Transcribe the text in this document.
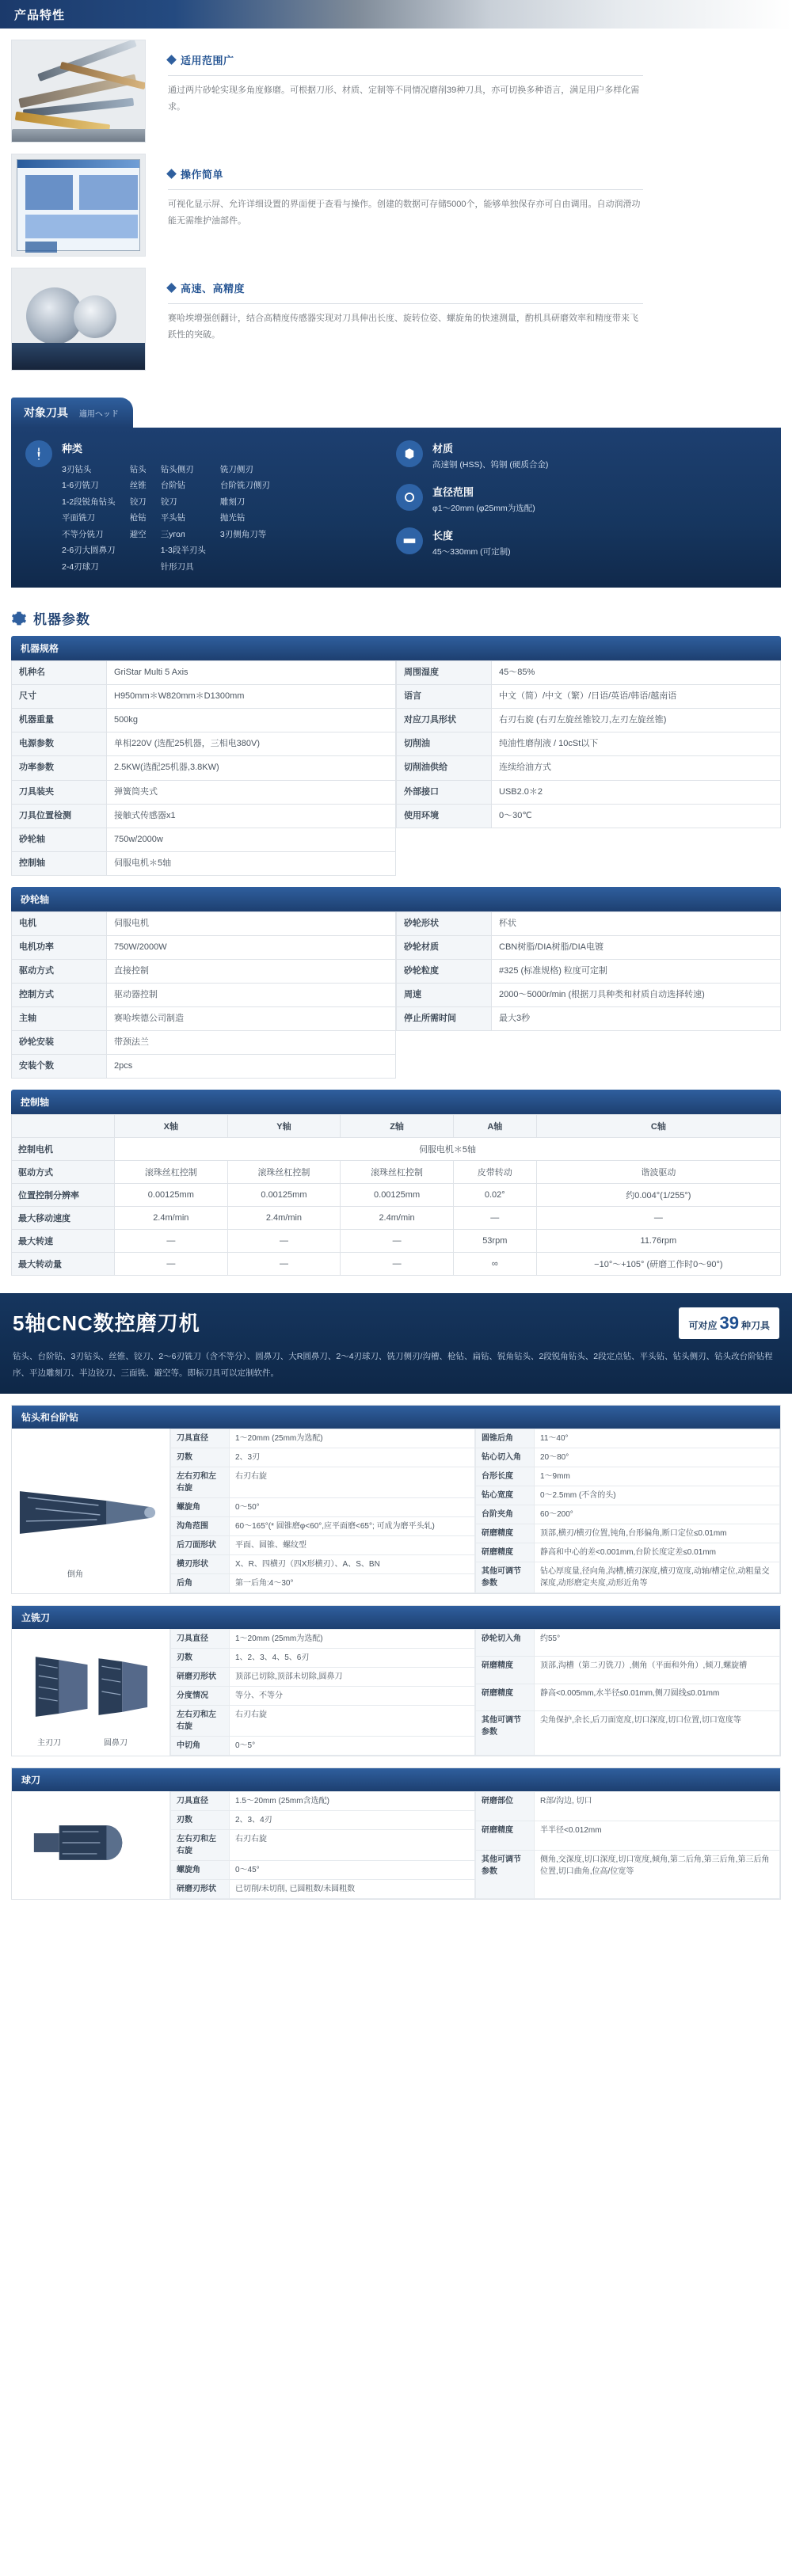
产品特性
适用范围广
通过两片砂轮实现多角度修磨。可根据刀形、材质、定制等不同情况磨削39种刀具，亦可切换多种语言，满足用户多样化需求。
操作简单
可视化显示屏、允许详细设置的界面便于查看与操作。创建的数据可存储5000个，能够单独保存亦可自由调用。自动润滑功能无需维护油部件。
高速、高精度
赛哈埃增强创翻计，结合高精度传感器实现对刀具伸出长度、旋转位姿、螺旋角的快速测量，酌机具研磨效率和精度带来飞跃性的突破。
对象刀具 適用ヘッド
种类
3刃钻头
1-6刃铣刀
1-2段锐角钻头
平面铣刀
不等分铣刀
2-6刃大圆鼻刀
2-4刃球刀
钻头
丝锥
铰刀
枪钻
避空
钻头侧刃
台阶钻
铰刀
平头钻
三угол
1-3段半刃头
针形刀具
铣刀侧刃
台阶铣刀侧刃
雕刻刀
抛光钻
3刃侧角刀等
材质
高速钢 (HSS)、钨钢 (硬质合金)
直径范围
φ1～20mm (φ25mm为选配)
长度
45～330mm (可定制)
机器参数
机器规格
机种名	GriStar Multi 5 Axis
尺寸	H950mm＊W820mm＊D1300mm
机器重量	500kg
电源参数	单相220V (选配25机器，三相电380V)
功率参数	2.5KW(选配25机器,3.8KW)
刀具装夹	弹簧筒夹式
刀具位置检测	接触式传感器x1
砂轮轴	750w/2000w
控制轴	伺服电机＊5轴
周围湿度	45～85%
语言	中文（简）/中文（繁）/日语/英语/韩语/越南语
对应刀具形状	右刃右旋 (右刃左旋丝锥铰刀,左刃左旋丝锥)
切削油	纯油性磨削液 / 10cSt以下
切削油供给	连续给油方式
外部接口	USB2.0＊2
使用环境	0～30℃
砂轮轴
电机	伺服电机
电机功率	750W/2000W
驱动方式	直接控制
控制方式	驱动器控制
主轴	赛哈埃德公司制造
砂轮安装	带颈法兰
安装个数	2pcs
砂轮形状	杯状
砂轮材质	CBN树脂/DIA树脂/DIA电镀
砂轮粒度	#325 (标准规格) 粒度可定制
周速	2000～5000r/min (根据刀具种类和材质自动选择转速)
停止所需时间	最大3秒
控制轴
	X轴	Y轴	Z轴	A轴	C轴
控制电机	伺服电机＊5轴				
驱动方式	滚珠丝杠控制	滚珠丝杠控制	滚珠丝杠控制	皮带转动	谐波驱动
位置控制分辨率	0.00125mm	0.00125mm	0.00125mm	0.02°	约0.004°(1/255°)
最大移动速度	2.4m/min	2.4m/min	2.4m/min	—	—
最大转速	—	—	—	53rpm	11.76rpm
最大转动量	—	—	—	∞	−10°～+105° (研磨工作时0～90°)
5轴CNC数控磨刀机	可对应 39 种刀具
钻头、台阶钻、3刃钻头、丝锥、铰刀、2～6刃铣刀（含不等分）、圆鼻刀、大R圆鼻刀、2～4刃球刀、铣刀侧刃/沟槽、枪钻、扁钻、锐角钻头、2段锐角钻头、2段定点钻、平头钻、钻头侧刃、钻头改台阶钻程序、平边雕刻刀、半边铰刀、三面铣、避空等。即标刀具可以定制软件。
钻头和台阶钻
倒角
刀具直径	1～20mm (25mm为选配)
刃数	2、3刃
左右刃和左右旋	右刃右旋
螺旋角	0～50°
沟角范围	60～165°(* 圆锥磨φ<60°,应平面磨<65°; 可成为磨平头轧)
后刀面形状	平面、圆锥、螺纹型
横刃形状	X、R、四横刃（四X形横刃）、A、S、BN
后角	第一后角:4～30°
圆锥后角	11～40°
钻心切入角	20～80°
台形长度	1～9mm
钻心宽度	0～2.5mm (不含的头)
台阶夹角	60～200°
研磨精度	顶部,横刃/横刃位置,钝角,台形偏角,断口定位≤0.01mm
研磨精度	静高和中心的差<0.001mm,台阶长度定差≤0.01mm
其他可调节参数	钻心厚度量,径向角,沟槽,横刃深度,横刃宽度,动轴/槽定位,动粗量交深度,动形磨定夹度,动形近角等
立铣刀
主刃刀	圆鼻刀
刀具直径	1～20mm (25mm为选配)
刃数	1、2、3、4、5、6刃
研磨刃形状	顶部已切除,顶部未切除,圆鼻刀
分度情况	等分、不等分
左右刃和左右旋	右刃右旋
中切角	0～5°
砂轮切入角	约55°
研磨精度	顶部,沟槽（第二刃铣刀）,侧角（平面和外角）,倾刀,螺旋槽
研磨精度	静高<0.005mm,水半径≤0.01mm,侧刀圆线≤0.01mm
其他可调节参数	尖角保护,余长,后刀面宽度,切口深度,切口位置,切口宽度等
球刀
刀具直径	1.5～20mm (25mm含选配)
刃数	2、3、4刃
左右刃和左右旋	右刃右旋
螺旋角	0～45°
研磨刃形状	已切削/未切削, 已圆粗数/未圆粗数
研磨部位	R部/沟边, 切口
研磨精度	半半径<0.012mm
其他可调节参数	侧角,交深度,切口深度,切口宽度,倾角,第二后角,第三后角,第三后角位置,切口曲角,位高/位宽等
